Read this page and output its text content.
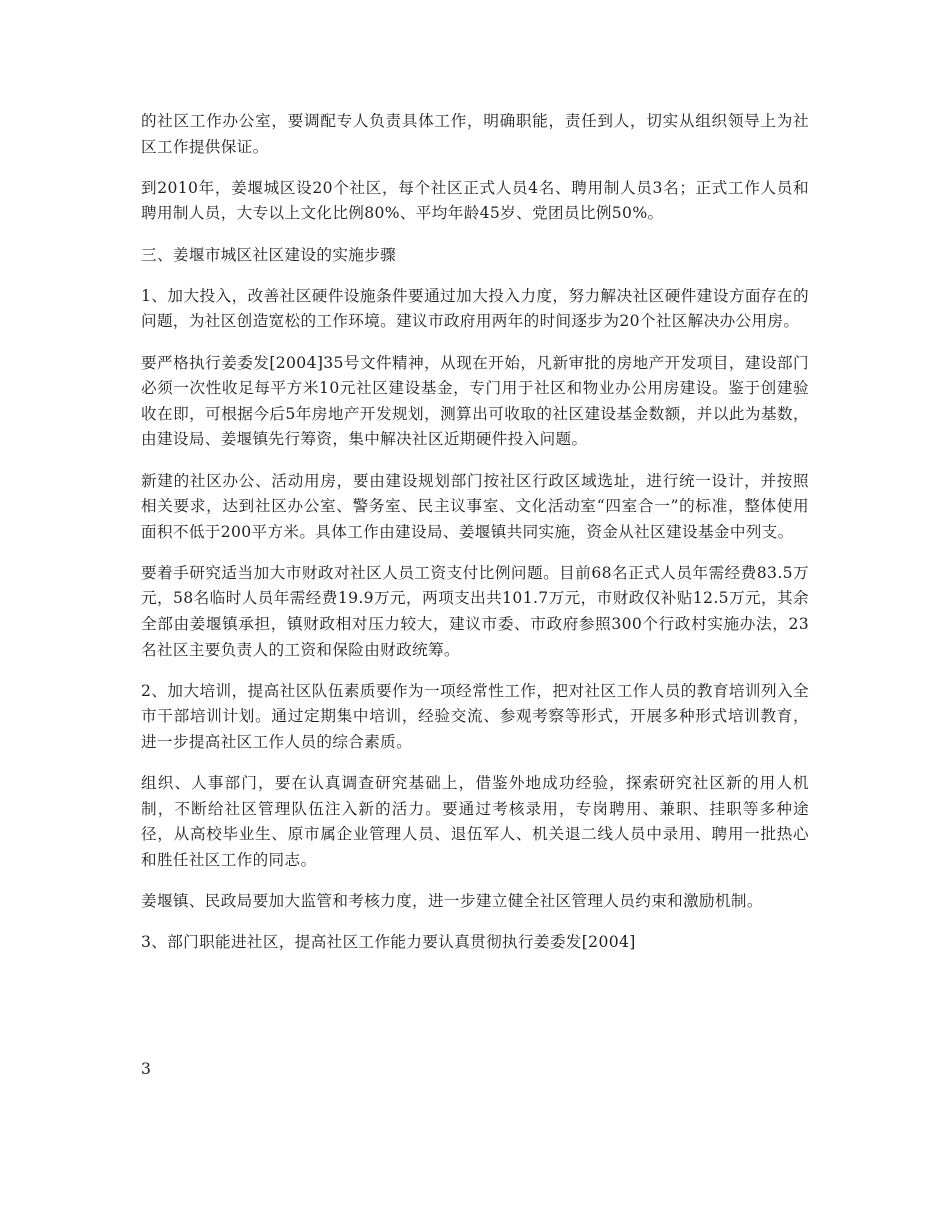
的社区工作办公室，要调配专人负责具体工作，明确职能，责任到人，切实从组织领导上为社区工作提供保证。

到2010年，姜堰城区设20个社区，每个社区正式人员4名、聘用制人员3名；正式工作人员和聘用制人员，大专以上文化比例80%、平均年龄45岁、党团员比例50%。

三、姜堰市城区社区建设的实施步骤

1、加大投入，改善社区硬件设施条件要通过加大投入力度，努力解决社区硬件建设方面存在的问题，为社区创造宽松的工作环境。建议市政府用两年的时间逐步为20个社区解决办公用房。

要严格执行姜委发[2004]35号文件精神，从现在开始，凡新审批的房地产开发项目，建设部门必须一次性收足每平方米10元社区建设基金，专门用于社区和物业办公用房建设。鉴于创建验收在即，可根据今后5年房地产开发规划，测算出可收取的社区建设基金数额，并以此为基数，由建设局、姜堰镇先行筹资，集中解决社区近期硬件投入问题。

新建的社区办公、活动用房，要由建设规划部门按社区行政区域选址，进行统一设计，并按照相关要求，达到社区办公室、警务室、民主议事室、文化活动室“四室合一”的标准，整体使用面积不低于200平方米。具体工作由建设局、姜堰镇共同实施，资金从社区建设基金中列支。

要着手研究适当加大市财政对社区人员工资支付比例问题。目前68名正式人员年需经费83.5万元，58名临时人员年需经费19.9万元，两项支出共101.7万元，市财政仅补贴12.5万元，其余全部由姜堰镇承担，镇财政相对压力较大，建议市委、市政府参照300个行政村实施办法，23名社区主要负责人的工资和保险由财政统筹。

2、加大培训，提高社区队伍素质要作为一项经常性工作，把对社区工作人员的教育培训列入全市干部培训计划。通过定期集中培训，经验交流、参观考察等形式，开展多种形式培训教育，进一步提高社区工作人员的综合素质。

组织、人事部门，要在认真调查研究基础上，借鉴外地成功经验，探索研究社区新的用人机制，不断给社区管理队伍注入新的活力。要通过考核录用，专岗聘用、兼职、挂职等多种途径，从高校毕业生、原市属企业管理人员、退伍军人、机关退二线人员中录用、聘用一批热心和胜任社区工作的同志。

姜堰镇、民政局要加大监管和考核力度，进一步建立健全社区管理人员约束和激励机制。

3、部门职能进社区，提高社区工作能力要认真贯彻执行姜委发[2004]

3
